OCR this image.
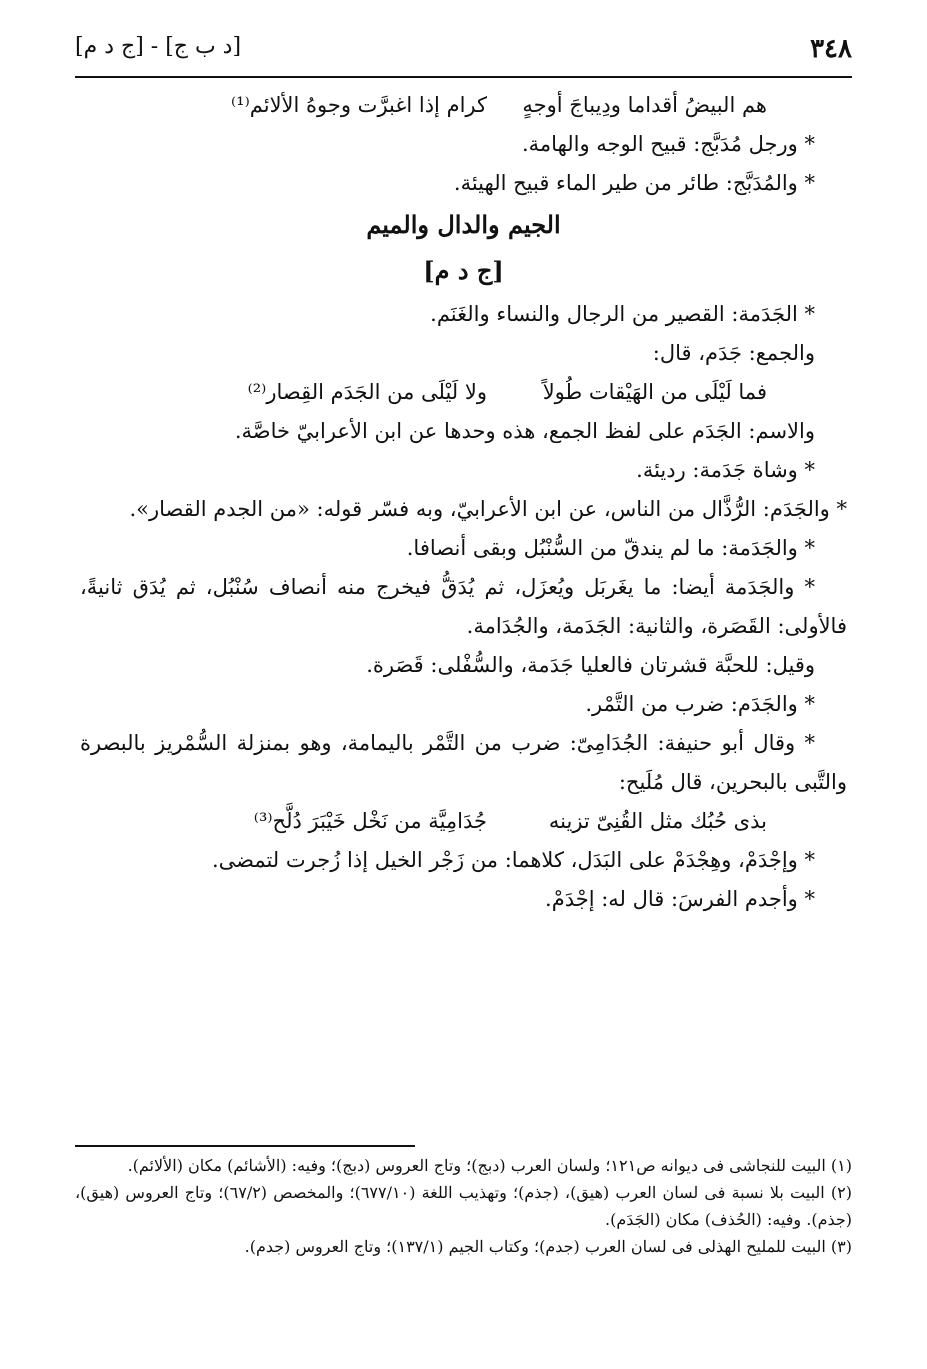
٣٤٨
[د ب ج] - [ج د م]
هم البيضُ أقداما ودِيباجَ أوجهٍ
كرام إذا اغبرَّت وجوهُ الألائم⁽¹⁾
* ورجل مُدَبَّج: قبيح الوجه والهامة.
* والمُدَبَّج: طائر من طير الماء قبيح الهيئة.
الجيم والدال والميم
[ج د م]
* الجَدَمة: القصير من الرجال والنساء والغَنَم.
والجمع: جَدَم، قال:
فما لَيْلَى من الهَيْقات طُولاً
ولا لَيْلَى من الجَدَم القِصار⁽²⁾
والاسم: الجَدَم على لفظ الجمع، هذه وحدها عن ابن الأعرابيّ خاصَّة.
* وشاة جَدَمة: رديئة.
* والجَدَم: الرُّذَّال من الناس، عن ابن الأعرابيّ، وبه فسّر قوله: «من الجدم القصار».
* والجَدَمة: ما لم يندقّ من السُّنْبُل وبقى أنصافا.
* والجَدَمة أيضا: ما يغَربَل ويُعزَل، ثم يُدَقُّ فيخرج منه أنصاف سُنْبُل، ثم يُدَق ثانيةً،
فالأولى: القَصَرة، والثانية: الجَدَمة، والجُدَامة.
وقيل: للحبَّة قشرتان فالعليا جَدَمة، والسُّفْلى: قَصَرة.
* والجَدَم: ضرب من التَّمْر.
* وقال أبو حنيفة: الجُدَامِىّ: ضرب من التَّمْر باليمامة، وهو بمنزلة السُّمْريز بالبصرة
والتَّبى بالبحرين، قال مُلَيح:
بذى حُبُك مثل القُنِىّ تزينه
جُدَامِيَّة من نَخْل خَيْبَرَ دُلَّح⁽³⁾
* وإجْدَمْ، وهِجْدَمْ على البَدَل، كلاهما: من زَجْر الخيل إذا زُجرت لتمضى.
* وأجدم الفرسَ: قال له: إجْدَمْ.
(١) البيت للنجاشى فى ديوانه ص١٢١؛ ولسان العرب (دبج)؛ وتاج العروس (دبج)؛ وفيه: (الأشائم) مكان (الألائم).
(٢) البيت بلا نسبة فى لسان العرب (هيق)، (جذم)؛ وتهذيب اللغة (٦٧٧/١٠)؛ والمخصص (٦٧/٢)؛ وتاج العروس (هيق)، (جذم). وفيه: (الحُذف) مكان (الجَدَم).
(٣) البيت للمليح الهذلى فى لسان العرب (جدم)؛ وكتاب الجيم (١٣٧/١)؛ وتاج العروس (جدم).
